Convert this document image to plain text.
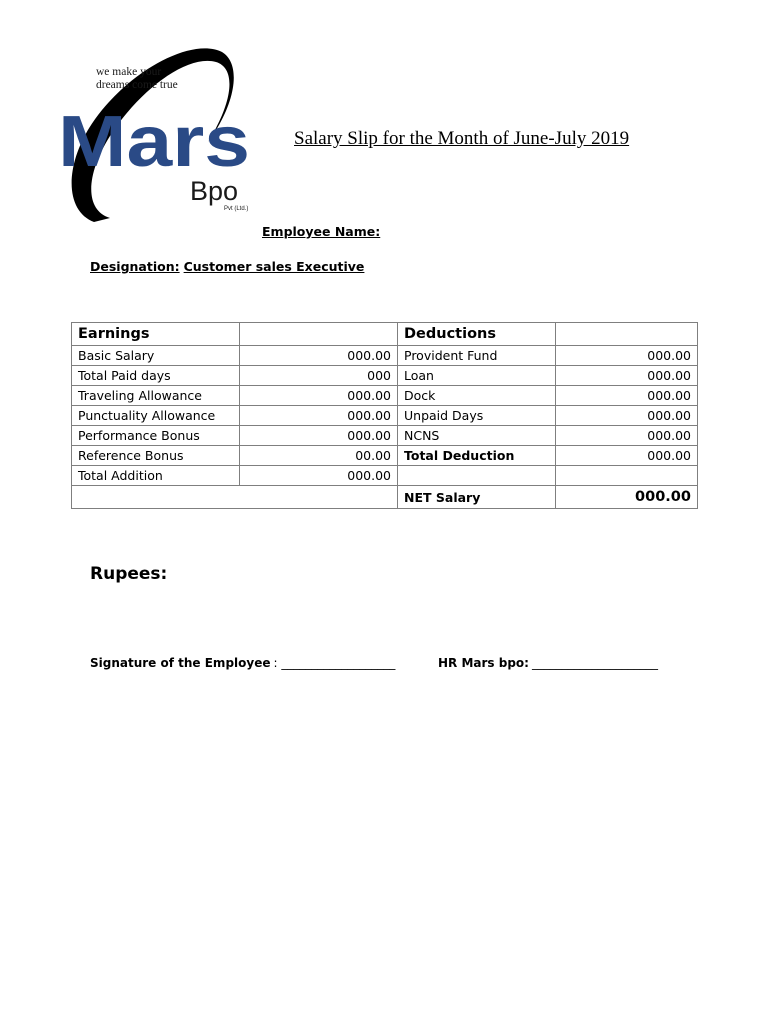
we make your
dreams come true
Mars
Bpo
Pvt (Ltd.)
Salary Slip for the Month of June-July 2019
Employee Name:
Designation: Customer sales Executive
Earnings		Deductions	
Basic Salary	000.00	Provident Fund	000.00
Total Paid days	000	Loan	000.00
Traveling Allowance	000.00	Dock	000.00
Punctuality Allowance	000.00	Unpaid Days	000.00
Performance Bonus	000.00	NCNS	000.00
Reference Bonus	00.00	Total Deduction	000.00
Total Addition	000.00		
		NET Salary	000.00
Rupees:
Signature of the Employee : ___________________	HR Mars bpo: _____________________
